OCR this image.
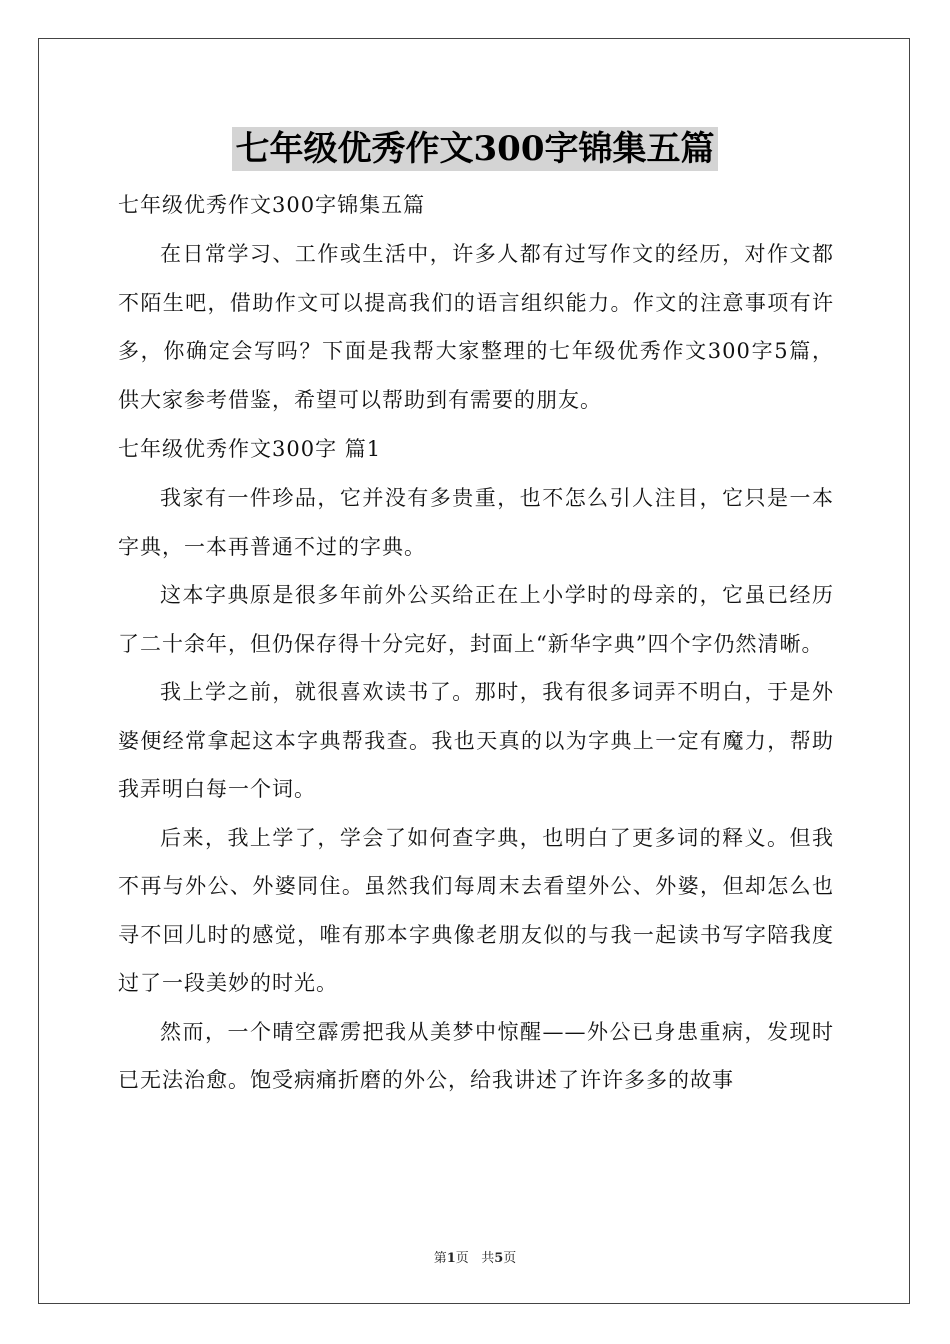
七年级优秀作文300字锦集五篇
七年级优秀作文300字锦集五篇

在日常学习、工作或生活中，许多人都有过写作文的经历，对作文都不陌生吧，借助作文可以提高我们的语言组织能力。作文的注意事项有许多，你确定会写吗？下面是我帮大家整理的七年级优秀作文300字5篇，供大家参考借鉴，希望可以帮助到有需要的朋友。

七年级优秀作文300字 篇1

我家有一件珍品，它并没有多贵重，也不怎么引人注目，它只是一本字典，一本再普通不过的字典。

这本字典原是很多年前外公买给正在上小学时的母亲的，它虽已经历了二十余年，但仍保存得十分完好，封面上“新华字典”四个字仍然清晰。

我上学之前，就很喜欢读书了。那时，我有很多词弄不明白，于是外婆便经常拿起这本字典帮我查。我也天真的以为字典上一定有魔力，帮助我弄明白每一个词。

后来，我上学了，学会了如何查字典，也明白了更多词的释义。但我不再与外公、外婆同住。虽然我们每周末去看望外公、外婆，但却怎么也寻不回儿时的感觉，唯有那本字典像老朋友似的与我一起读书写字陪我度过了一段美妙的时光。

然而，一个晴空霹雳把我从美梦中惊醒——外公已身患重病，发现时已无法治愈。饱受病痛折磨的外公，给我讲述了许许多多的故事

第1页   共5页
